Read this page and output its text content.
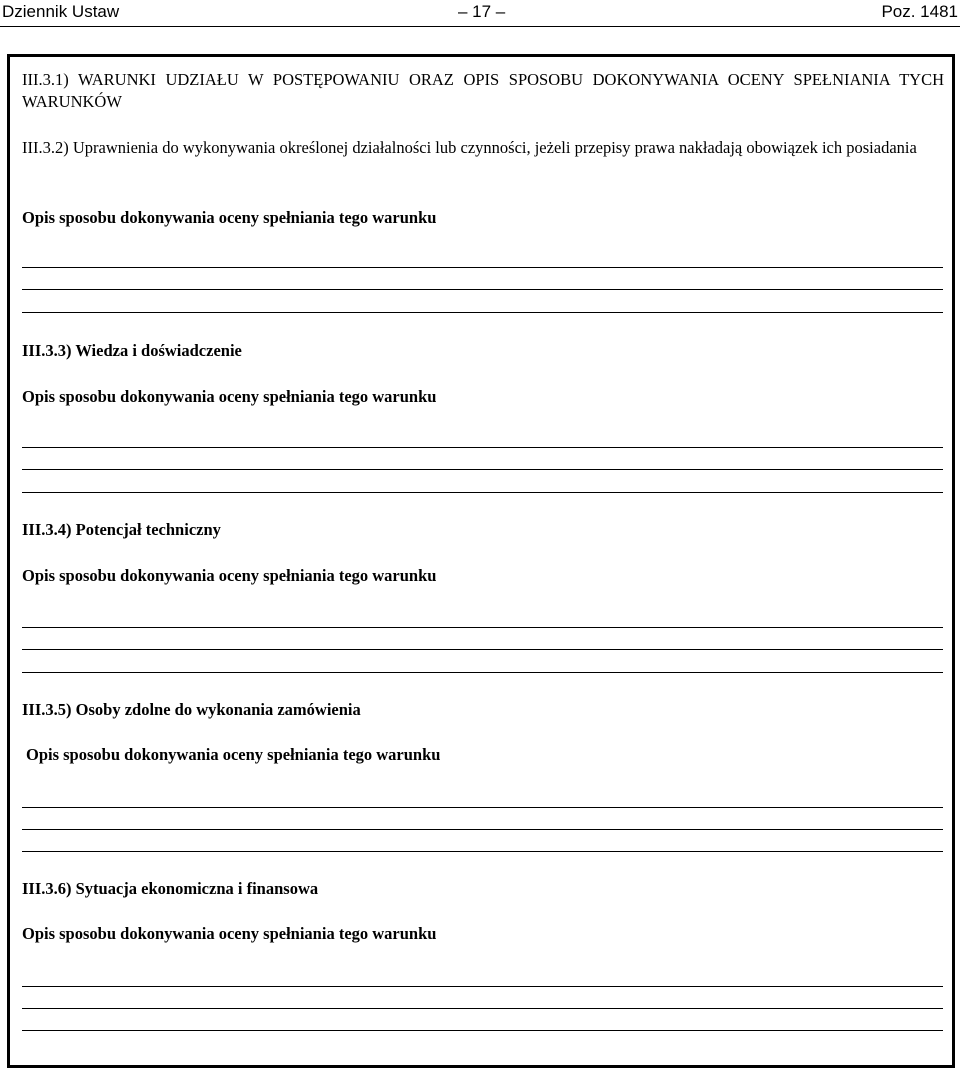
Dziennik Ustaw	– 17 –	Poz. 1481
III.3.1) WARUNKI UDZIAŁU W POSTĘPOWANIU ORAZ OPIS SPOSOBU DOKONYWANIA OCENY SPEŁNIANIA TYCH WARUNKÓW
III.3.2) Uprawnienia do wykonywania określonej działalności lub czynności, jeżeli przepisy prawa nakładają obowiązek ich posiadania
Opis sposobu dokonywania oceny spełniania tego warunku
III.3.3) Wiedza i doświadczenie
Opis sposobu dokonywania oceny spełniania tego warunku
III.3.4) Potencjał techniczny
Opis sposobu dokonywania oceny spełniania tego warunku
III.3.5) Osoby zdolne do wykonania zamówienia
Opis sposobu dokonywania oceny spełniania tego warunku
III.3.6) Sytuacja ekonomiczna i finansowa
Opis sposobu dokonywania oceny spełniania tego warunku
